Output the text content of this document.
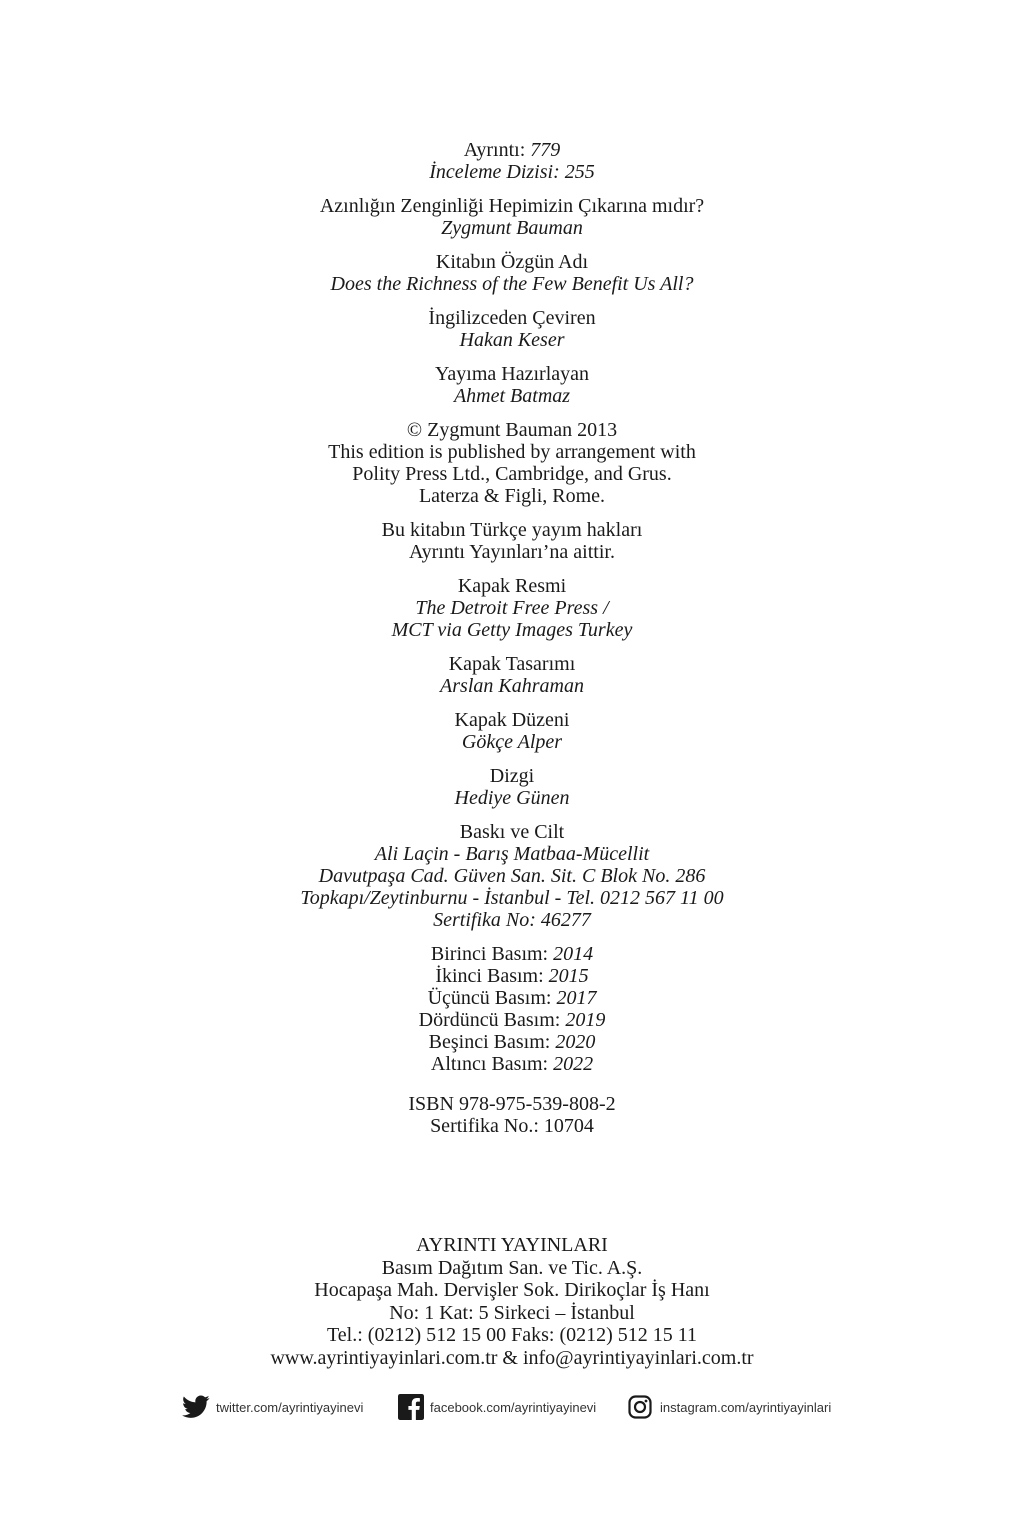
Ayrıntı: 779
İnceleme Dizisi: 255
Azınlığın Zenginliği Hepimizin Çıkarına mıdır?
Zygmunt Bauman
Kitabın Özgün Adı
Does the Richness of the Few Benefit Us All?
İngilizceden Çeviren
Hakan Keser
Yayıma Hazırlayan
Ahmet Batmaz
© Zygmunt Bauman 2013
This edition is published by arrangement with
Polity Press Ltd., Cambridge, and Grus.
Laterza & Figli, Rome.
Bu kitabın Türkçe yayım hakları
Ayrıntı Yayınları’na aittir.
Kapak Resmi
The Detroit Free Press /
MCT via Getty Images Turkey
Kapak Tasarımı
Arslan Kahraman
Kapak Düzeni
Gökçe Alper
Dizgi
Hediye Günen
Baskı ve Cilt
Ali Laçin - Barış Matbaa-Mücellit
Davutpaşa Cad. Güven San. Sit. C Blok No. 286
Topkapı/Zeytinburnu - İstanbul - Tel. 0212 567 11 00
Sertifika No: 46277
Birinci Basım: 2014
İkinci Basım: 2015
Üçüncü Basım: 2017
Dördüncü Basım: 2019
Beşinci Basım: 2020
Altıncı Basım: 2022
ISBN 978-975-539-808-2
Sertifika No.: 10704
AYRINTI YAYINLARI
Basım Dağıtım San. ve Tic. A.Ş.
Hocapaşa Mah. Dervişler Sok. Dirikoçlar İş Hanı
No: 1 Kat: 5 Sirkeci – İstanbul
Tel.: (0212) 512 15 00 Faks: (0212) 512 15 11
www.ayrintiyayinlari.com.tr & info@ayrintiyayinlari.com.tr
twitter.com/ayrintiyayinevi	facebook.com/ayrintiyayinevi	instagram.com/ayrintiyayinlari
